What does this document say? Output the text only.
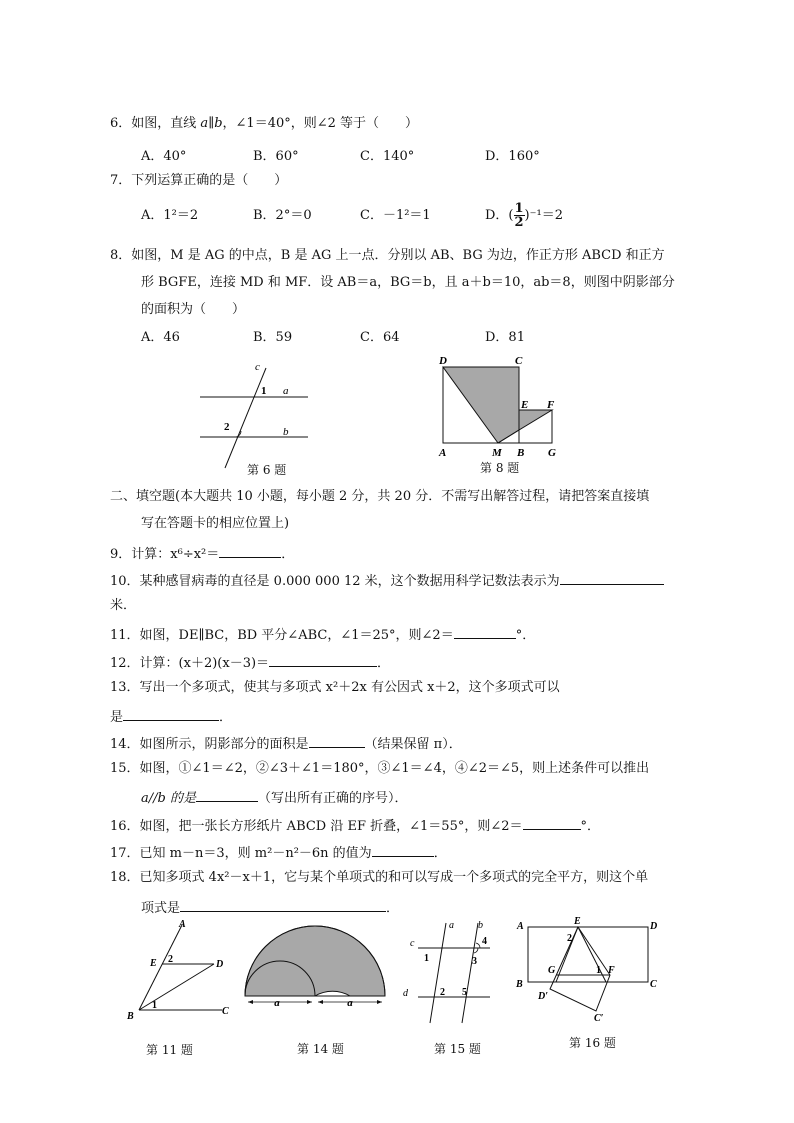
6．如图，直线 a∥b，∠1＝40°，则∠2 等于（　　）
A．40°	B．60°	C．140°	D．160°
7．下列运算正确的是（　　）
A．1²＝2	B．2°＝0	C．－1²＝1	D．( $\frac{1}{2} )^{-1}=2$
8．如图，M 是 AG 的中点，B 是 AG 上一点．分别以 AB、BG 为边，作正方形 ABCD 和正方
形 BGFE，连接 MD 和 MF．设 AB＝a，BG＝b，且 a＋b＝10，ab＝8，则图中阴影部分
的面积为（　　）
A．46	B．59	C．64	D．81
c
1 a
2	b
第 6 题
D	C
E F
A	M B G
第 8 题
二、填空题(本大题共 10 小题，每小题 2 分，共 20 分．不需写出解答过程，请把答案直接填
写在答题卡的相应位置上)
9．计算：x⁶÷x²＝	．
10．某种感冒病毒的直径是 0.000 000 12 米，这个数据用科学记数法表示为
米．
11．如图，DE∥BC，BD 平分∠ABC，∠1＝25°，则∠2＝	°．
12．计算：(x＋2)(x－3)＝	．
13．写出一个多项式，使其与多项式 x²＋2x 有公因式 x＋2，这个多项式可以
是	．
14．如图所示，阴影部分的面积是	（结果保留 π）．
15．如图，①∠1＝∠2，②∠3＋∠1＝180°，③∠1＝∠4，④∠2＝∠5，则上述条件可以推出
a//b 的是	（写出所有正确的序号）．
16．如图，把一张长方形纸片 ABCD 沿 EF 折叠，∠1＝55°，则∠2＝	°．
17．已知 m－n＝3，则 m²－n²－6n 的值为	．
18．已知多项式 4x²－x＋1，它与某个单项式的和可以写成一个多项式的完全平方，则这个单
项式是	．
A
E 2	D
1
B	C
第 11 题
a	a
第 14 题
a b
c
d
1
2
3
4
5
第 15 题
A	E	D
2
B
G	1 F
C
D′
C′
第 16 题
